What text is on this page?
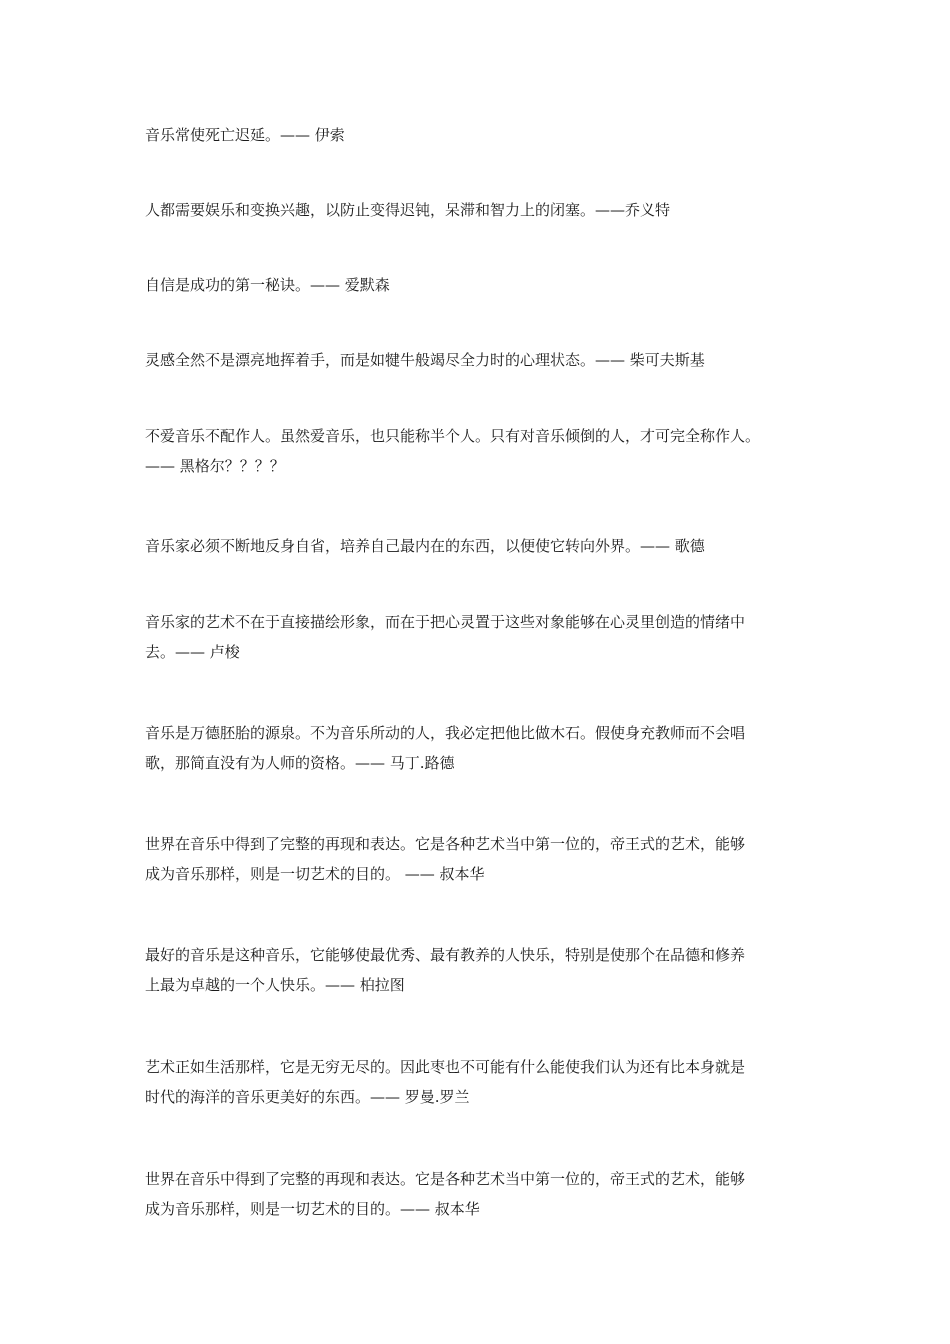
音乐常使死亡迟延。—— 伊索

人都需要娱乐和变换兴趣，以防止变得迟钝，呆滞和智力上的闭塞。——乔义特

自信是成功的第一秘诀。—— 爱默森

灵感全然不是漂亮地挥着手，而是如犍牛般竭尽全力时的心理状态。—— 柴可夫斯基

不爱音乐不配作人。虽然爱音乐，也只能称半个人。只有对音乐倾倒的人，才可完全称作人。
—— 黑格尔？？？？

音乐家必须不断地反身自省，培养自己最内在的东西，以便使它转向外界。—— 歌德

音乐家的艺术不在于直接描绘形象，而在于把心灵置于这些对象能够在心灵里创造的情绪中
去。—— 卢梭

音乐是万德胚胎的源泉。不为音乐所动的人，我必定把他比做木石。假使身充教师而不会唱
歌，那简直没有为人师的资格。—— 马丁.路德

世界在音乐中得到了完整的再现和表达。它是各种艺术当中第一位的，帝王式的艺术，能够
成为音乐那样，则是一切艺术的目的。 —— 叔本华

最好的音乐是这种音乐，它能够使最优秀、最有教养的人快乐，特别是使那个在品德和修养
上最为卓越的一个人快乐。—— 柏拉图

艺术正如生活那样，它是无穷无尽的。因此枣也不可能有什么能使我们认为还有比本身就是
时代的海洋的音乐更美好的东西。—— 罗曼.罗兰

世界在音乐中得到了完整的再现和表达。它是各种艺术当中第一位的，帝王式的艺术，能够
成为音乐那样，则是一切艺术的目的。—— 叔本华
